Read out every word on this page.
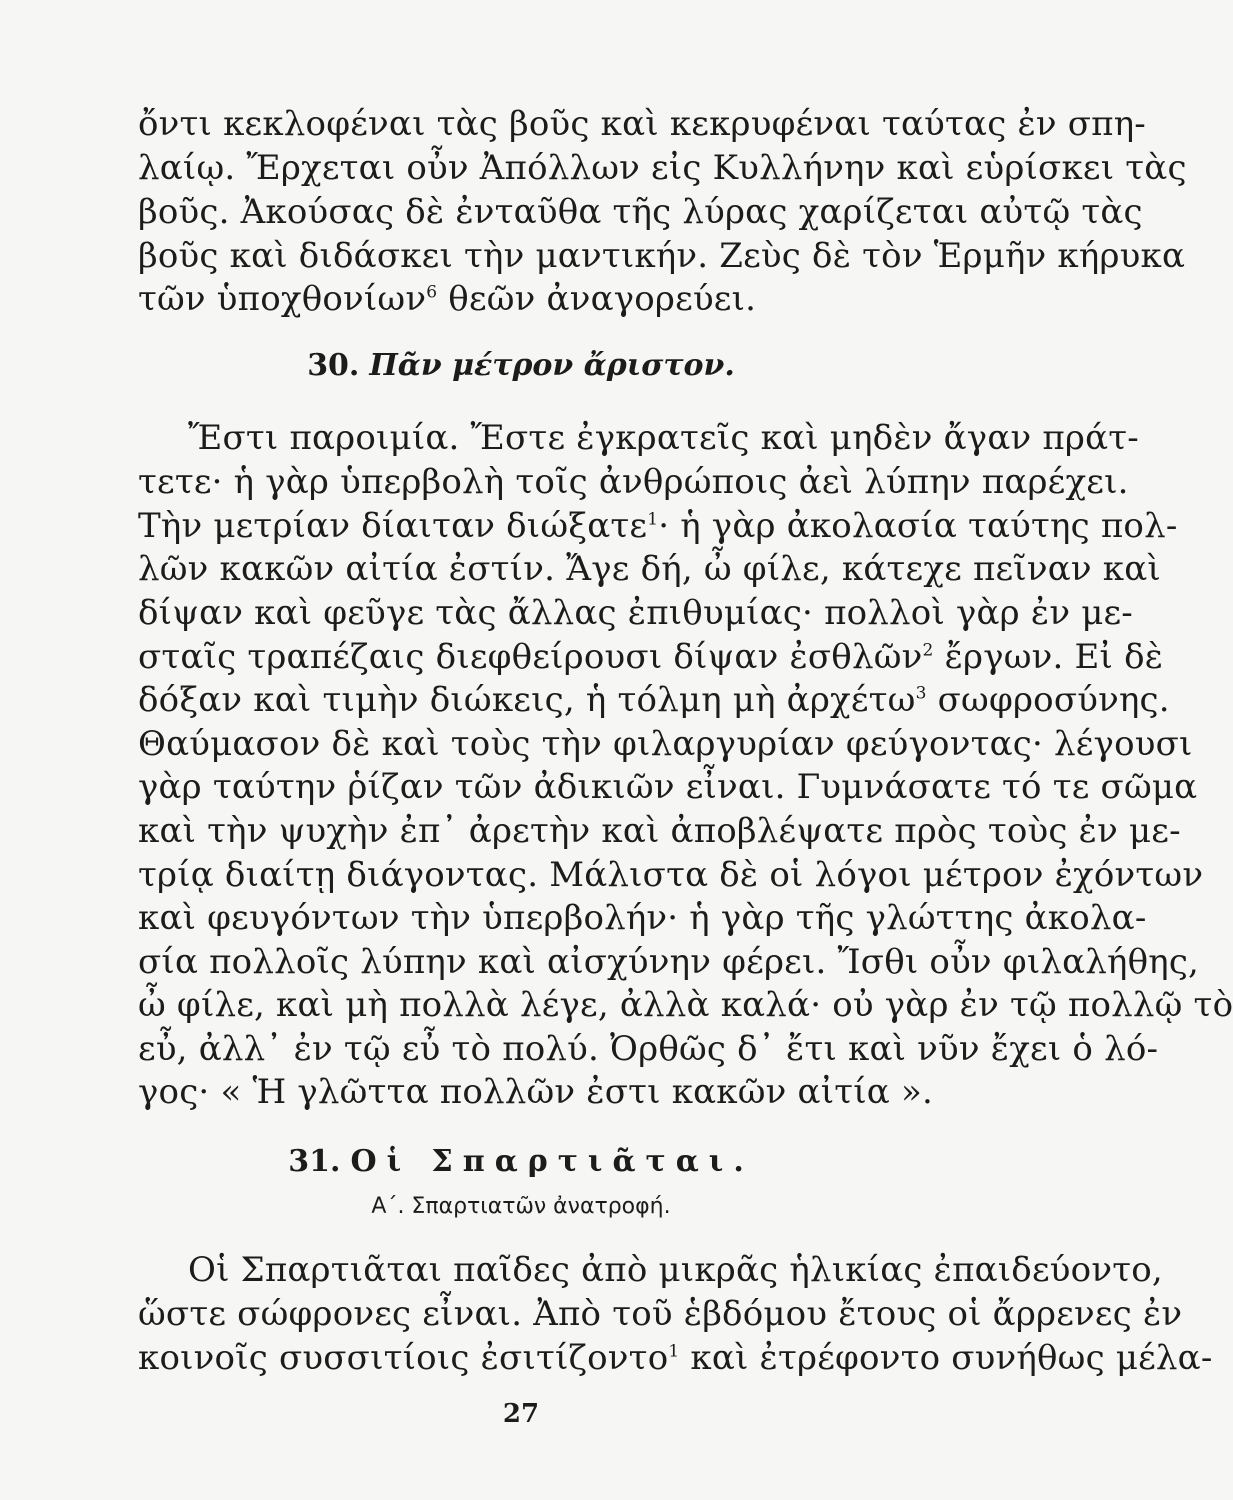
ὄντι κεκλοφέναι τὰς βοῦς καὶ κεκρυφέναι ταύτας ἐν σπη-
λαίῳ. Ἔρχεται οὖν Ἀπόλλων εἰς Κυλλήνην καὶ εὑρίσκει τὰς
βοῦς. Ἀκούσας δὲ ἐνταῦθα τῆς λύρας χαρίζεται αὐτῷ τὰς
βοῦς καὶ διδάσκει τὴν μαντικήν. Ζεὺς δὲ τὸν Ἑρμῆν κήρυκα
τῶν ὑποχθονίων$^6$ θεῶν ἀναγορεύει.
30. Πᾶν μέτρον ἄριστον.
Ἔστι παροιμία. Ἔστε ἐγκρατεῖς καὶ μηδὲν ἄγαν πράτ-
τετε· ἡ γὰρ ὑπερβολὴ τοῖς ἀνθρώποις ἀεὶ λύπην παρέχει.
Τὴν μετρίαν δίαιταν διώξατε$^1$· ἡ γὰρ ἀκολασία ταύτης πολ-
λῶν κακῶν αἰτία ἐστίν. Ἄγε δή, ὦ φίλε, κάτεχε πεῖναν καὶ
δίψαν καὶ φεῦγε τὰς ἄλλας ἐπιθυμίας· πολλοὶ γὰρ ἐν με-
σταῖς τραπέζαις διεφθείρουσι δίψαν ἐσθλῶν$^2$ ἔργων. Εἰ δὲ
δόξαν καὶ τιμὴν διώκεις, ἡ τόλμη μὴ ἀρχέτω$^3$ σωφροσύνης.
Θαύμασον δὲ καὶ τοὺς τὴν φιλαργυρίαν φεύγοντας· λέγουσι
γὰρ ταύτην ῥίζαν τῶν ἀδικιῶν εἶναι. Γυμνάσατε τό τε σῶμα
καὶ τὴν ψυχὴν ἐπ᾽ ἀρετὴν καὶ ἀποβλέψατε πρὸς τοὺς ἐν με-
τρίᾳ διαίτῃ διάγοντας. Μάλιστα δὲ οἱ λόγοι μέτρον ἐχόντων
καὶ φευγόντων τὴν ὑπερβολήν· ἡ γὰρ τῆς γλώττης ἀκολα-
σία πολλοῖς λύπην καὶ αἰσχύνην φέρει. Ἴσθι οὖν φιλαλήθης,
ὦ φίλε, καὶ μὴ πολλὰ λέγε, ἀλλὰ καλά· οὐ γὰρ ἐν τῷ πολλῷ τὸ
εὖ, ἀλλ᾽ ἐν τῷ εὖ τὸ πολύ. Ὀρθῶς δ᾽ ἔτι καὶ νῦν ἔχει ὁ λό-
γος· « Ἡ γλῶττα πολλῶν ἐστι κακῶν αἰτία ».
31. Οἱ Σπαρτιᾶται.
Α΄. Σπαρτιατῶν ἀνατροφή.
Οἱ Σπαρτιᾶται παῖδες ἀπὸ μικρᾶς ἡλικίας ἐπαιδεύοντο,
ὥστε σώφρονες εἶναι. Ἀπὸ τοῦ ἑβδόμου ἔτους οἱ ἄρρενες ἐν
κοινοῖς συσσιτίοις ἐσιτίζοντο$^1$ καὶ ἐτρέφοντο συνήθως μέλα-
27
